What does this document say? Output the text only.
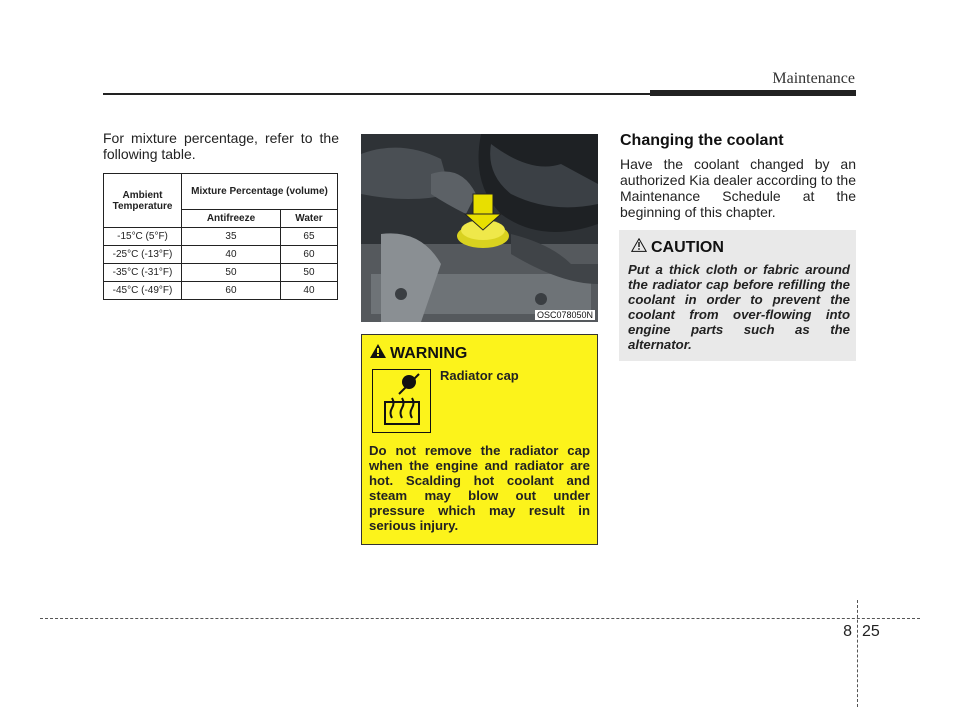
Maintenance
For mixture percentage, refer to the following table.
Ambient Temperature	Mixture Percentage (volume)	
	Antifreeze	Water
-15°C (5°F)	35	65
-25°C (-13°F)	40	60
-35°C (-31°F)	50	50
-45°C (-49°F)	60	40
OSC078050N
WARNING
Radiator cap
Do not remove the radiator cap when the engine and radiator are hot. Scalding hot coolant and steam may blow out under pressure which may result in serious injury.
Changing the coolant
Have the coolant changed by an authorized Kia dealer according to the Maintenance Schedule at the beginning of this chapter.
CAUTION
Put a thick cloth or fabric around the radiator cap before refilling the coolant in order to prevent the coolant from over-flowing into engine parts such as the alternator.
8 25
